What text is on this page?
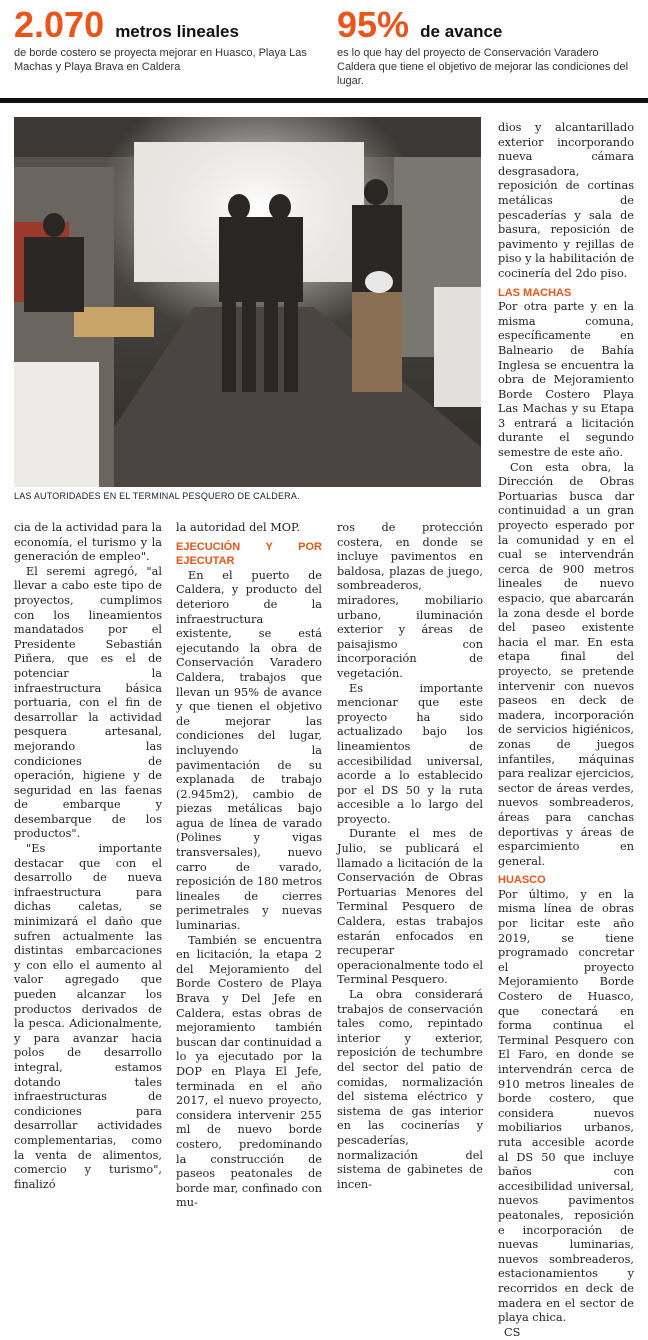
2.070 metros lineales
de borde costero se proyecta mejorar en Huasco, Playa Las Machas y Playa Brava en Caldera
95% de avance
es lo que hay del proyecto de Conservación Varadero Caldera que tiene el objetivo de mejorar las condiciones del lugar.
LAS AUTORIDADES EN EL TERMINAL PESQUERO DE CALDERA.

cia de la actividad para la economía, el turismo y la generación de empleo".

El seremi agregó, "al llevar a cabo este tipo de proyectos, cumplimos con los lineamientos mandatados por el Presidente Sebastián Piñera, que es el de potenciar la infraestructura básica portuaria, con el fin de desarrollar la actividad pesquera artesanal, mejorando las condiciones de operación, higiene y de seguridad en las faenas de embarque y desembarque de los productos".

"Es importante destacar que con el desarrollo de nueva infraestructura para dichas caletas, se minimizará el daño que sufren actualmente las distintas embarcaciones y con ello el aumento al valor agregado que pueden alcanzar los productos derivados de la pesca. Adicionalmente, y para avanzar hacia polos de desarrollo integral, estamos dotando tales infraestructuras de condiciones para desarrollar actividades complementarias, como la venta de alimentos, comercio y turismo", finalizó

la autoridad del MOP.

EJECUCIÓN Y POR EJECUTAR

En el puerto de Caldera, y producto del deterioro de la infraestructura existente, se está ejecutando la obra de Conservación Varadero Caldera, trabajos que llevan un 95% de avance y que tienen el objetivo de mejorar las condiciones del lugar, incluyendo la pavimentación de su explanada de trabajo (2.945m2), cambio de piezas metálicas bajo agua de línea de varado (Polines y vigas transversales), nuevo carro de varado, reposición de 180 metros lineales de cierres perimetrales y nuevas luminarias.

También se encuentra en licitación, la etapa 2 del Mejoramiento del Borde Costero de Playa Brava y Del Jefe en Caldera, estas obras de mejoramiento también buscan dar continuidad a lo ya ejecutado por la DOP en Playa El Jefe, terminada en el año 2017, el nuevo proyecto, considera intervenir 255 ml de nuevo borde costero, predominando la construcción de paseos peatonales de borde mar, confinado con mu-

ros de protección costera, en donde se incluye pavimentos en baldosa, plazas de juego, sombreaderos, miradores, mobiliario urbano, iluminación exterior y áreas de paisajismo con incorporación de vegetación.

Es importante mencionar que este proyecto ha sido actualizado bajo los lineamientos de accesibilidad universal, acorde a lo establecido por el DS 50 y la ruta accesible a lo largo del proyecto.

Durante el mes de Julio, se publicará el llamado a licitación de la Conservación de Obras Portuarias Menores del Terminal Pesquero de Caldera, estas trabajos estarán enfocados en recuperar operacionalmente todo el Terminal Pesquero.

La obra considerará trabajos de conservación tales como, repintado interior y exterior, reposición de techumbre del sector del patio de comidas, normalización del sistema eléctrico y sistema de gas interior en las cocinerías y pescaderías, normalización del sistema de gabinetes de incen-

dios y alcantarillado exterior incorporando nueva cámara desgrasadora, reposición de cortinas metálicas de pescaderías y sala de basura, reposición de pavimento y rejillas de piso y la habilitación de cocinería del 2do piso.

LAS MACHAS

Por otra parte y en la misma comuna, específicamente en Balneario de Bahía Inglesa se encuentra la obra de Mejoramiento Borde Costero Playa Las Machas y su Etapa 3 entrará a licitación durante el segundo semestre de este año.

Con esta obra, la Dirección de Obras Portuarias busca dar continuidad a un gran proyecto esperado por la comunidad y en el cual se intervendrán cerca de 900 metros lineales de nuevo espacio, que abarcarán la zona desde el borde del paseo existente hacia el mar. En esta etapa final del proyecto, se pretende intervenir con nuevos paseos en deck de madera, incorporación de servicios higiénicos, zonas de juegos infantiles, máquinas para realizar ejercicios, sector de áreas verdes, nuevos sombreaderos, áreas para canchas deportivas y áreas de esparcimiento en general.

HUASCO

Por último, y en la misma línea de obras por licitar este año 2019, se tiene programado concretar el proyecto Mejoramiento Borde Costero de Huasco, que conectará en forma continua el Terminal Pesquero con El Faro, en donde se intervendrán cerca de 910 metros lineales de borde costero, que considera nuevos mobiliarios urbanos, ruta accesible acorde al DS 50 que incluye baños con accesibilidad universal, nuevos pavimentos peatonales, reposición e incorporación de nuevas luminarias, nuevos sombreaderos, estacionamientos y recorridos en deck de madera en el sector de playa chica.

CS
